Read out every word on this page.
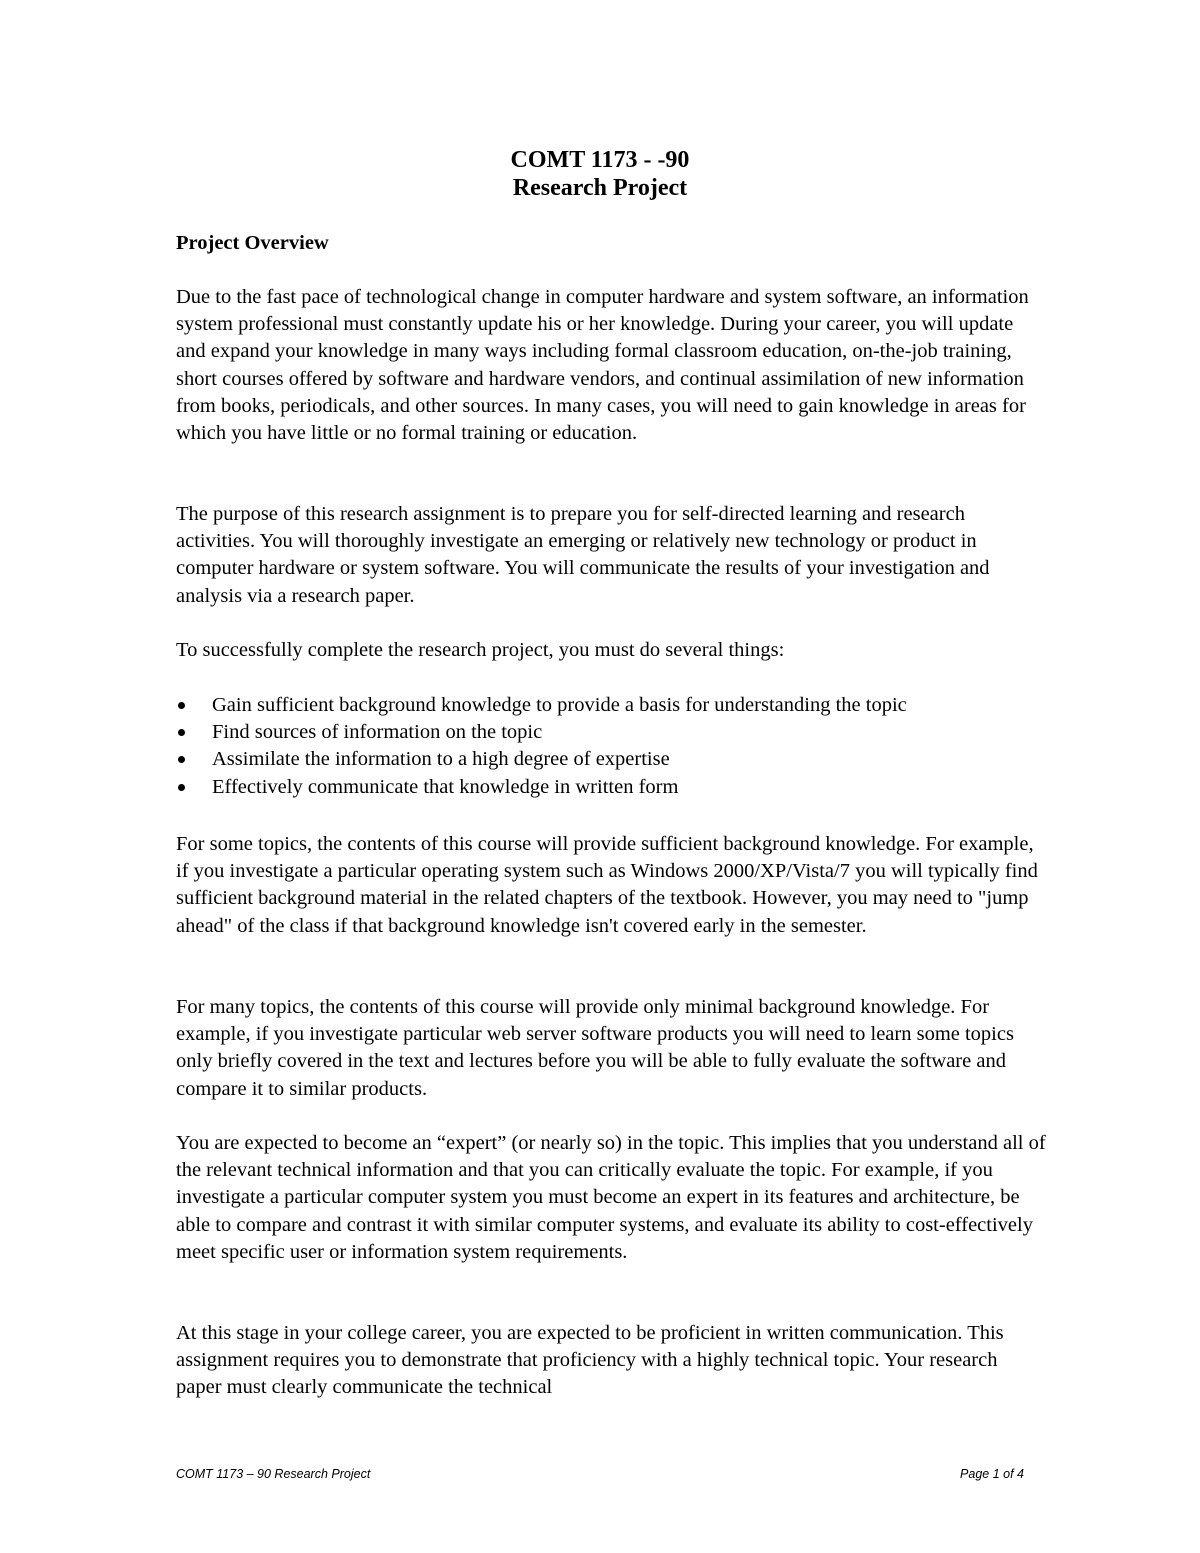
COMT 1173 - -90
Research Project

Project Overview

Due to the fast pace of technological change in computer hardware and system software, an information system professional must constantly update his or her knowledge. During your career, you will update and expand your knowledge in many ways including formal classroom education, on-the-job training, short courses offered by software and hardware vendors, and continual assimilation of new information from books, periodicals, and other sources. In many cases, you will need to gain knowledge in areas for which you have little or no formal training or education.

The purpose of this research assignment is to prepare you for self-directed learning and research activities. You will thoroughly investigate an emerging or relatively new technology or product in computer hardware or system software. You will communicate the results of your investigation and analysis via a research paper.

To successfully complete the research project, you must do several things:

Gain sufficient background knowledge to provide a basis for understanding the topic
Find sources of information on the topic
Assimilate the information to a high degree of expertise
Effectively communicate that knowledge in written form

For some topics, the contents of this course will provide sufficient background knowledge. For example, if you investigate a particular operating system such as Windows 2000/XP/Vista/7 you will typically find sufficient background material in the related chapters of the textbook. However, you may need to "jump ahead" of the class if that background knowledge isn't covered early in the semester.

For many topics, the contents of this course will provide only minimal background knowledge. For example, if you investigate particular web server software products you will need to learn some topics only briefly covered in the text and lectures before you will be able to fully evaluate the software and compare it to similar products.

You are expected to become an “expert” (or nearly so) in the topic. This implies that you understand all of the relevant technical information and that you can critically evaluate the topic. For example, if you investigate a particular computer system you must become an expert in its features and architecture, be able to compare and contrast it with similar computer systems, and evaluate its ability to cost-effectively meet specific user or information system requirements.

At this stage in your college career, you are expected to be proficient in written communication. This assignment requires you to demonstrate that proficiency with a highly technical topic. Your research paper must clearly communicate the technical

COMT 1173 – 90 Research Project	Page 1 of 4
